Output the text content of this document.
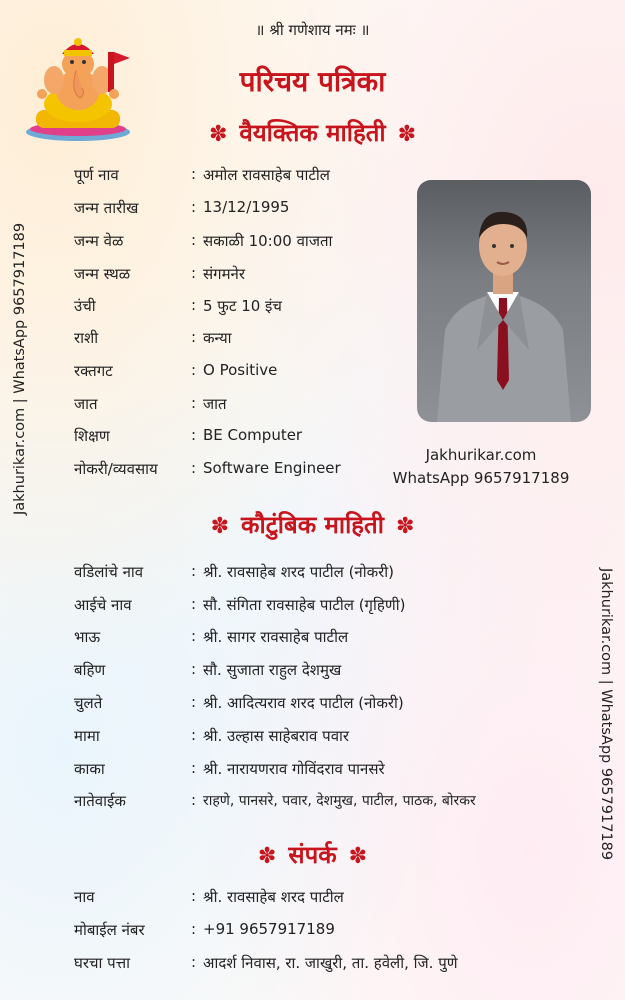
॥ श्री गणेशाय नमः ॥
परिचय पत्रिका
Jakhurikar.com | WhatsApp 9657917189
Jakhurikar.com | WhatsApp 9657917189
✽ वैयक्तिक माहिती ✽
पूर्ण नाव	: अमोल रावसाहेब पाटील
जन्म तारीख	: 13/12/1995
जन्म वेळ	: सकाळी 10:00 वाजता
जन्म स्थळ	: संगमनेर
उंची	: 5 फुट 10 इंच
राशी	: कन्या
रक्तगट	: O Positive
जात	: जात
शिक्षण	: BE Computer
नोकरी/व्यवसाय : Software Engineer
Jakhurikar.com
WhatsApp 9657917189
✽ कौटुंबिक माहिती ✽
वडिलांचे नाव	: श्री. रावसाहेब शरद पाटील (नोकरी)
आईचे नाव	: सौ. संगिता रावसाहेब पाटील (गृहिणी)
भाऊ	: श्री. सागर रावसाहेब पाटील
बहिण	: सौ. सुजाता राहुल देशमुख
चुलते	: श्री. आदित्यराव शरद पाटील (नोकरी)
मामा	: श्री. उल्हास साहेबराव पवार
काका	: श्री. नारायणराव गोविंदराव पानसरे
नातेवाईक	: राहणे, पानसरे, पवार, देशमुख, पाटील, पाठक, बोरकर
✽ संपर्क ✽
नाव	: श्री. रावसाहेब शरद पाटील
मोबाईल नंबर	: +91 9657917189
घरचा पत्ता	: आदर्श निवास, रा. जाखुरी, ता. हवेली, जि. पुणे
